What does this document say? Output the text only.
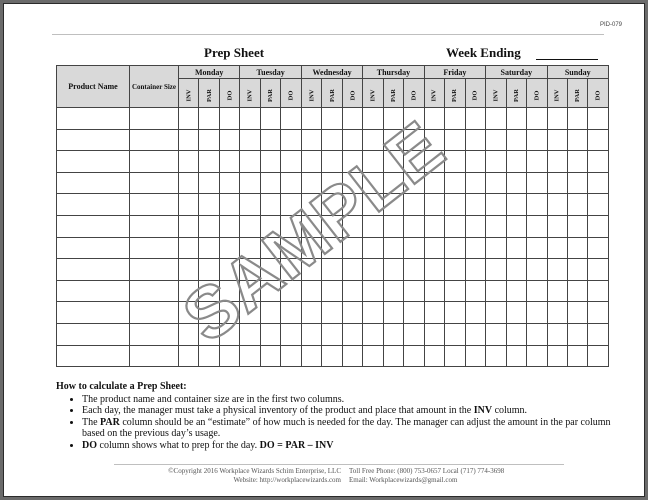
PID-079
Prep Sheet	Week Ending
Product Name	Container Size	Monday			Tuesday			Wednesday			Thursday			Friday			Saturday			Sunday		
		INV	PAR	DO	INV	PAR	DO	INV	PAR	DO	INV	PAR	DO	INV	PAR	DO	INV	PAR	DO	INV	PAR	DO

How to calculate a Prep Sheet:
• The product name and container size are in the first two columns.
• Each day, the manager must take a physical inventory of the product and place that amount in the INV column.
• The PAR column should be an “estimate” of how much is needed for the day. The manager can adjust the amount in the par column based on the previous day’s usage.
• DO column shows what to prep for the day. DO = PAR – INV
©Copyright 2016 Workplace Wizards Schim Enterprise, LLC
Website: http://workplacewizards.com
Toll Free Phone: (800) 753-0657 Local (717) 774-3698
Email: Workplacewizards@gmail.com
